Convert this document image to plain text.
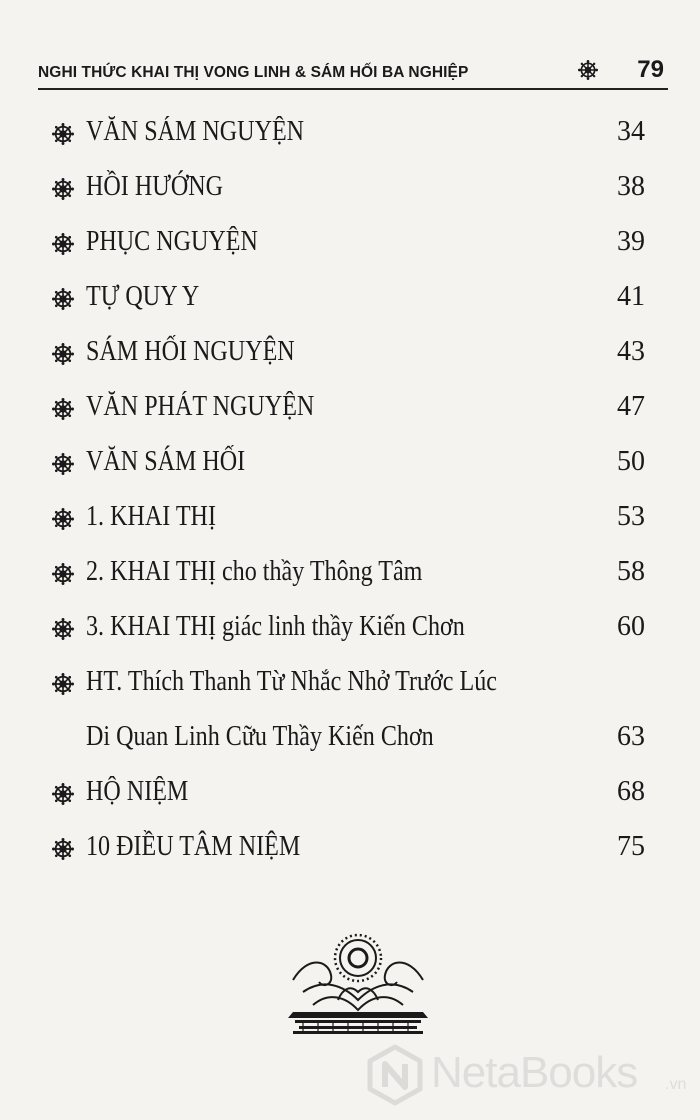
NGHI THỨC KHAI THỊ VONG LINH & SÁM HỐI BA NGHIỆP	79
VĂN SÁM NGUYỆN	34
HỒI HƯỚNG	38
PHỤC NGUYỆN	39
TỰ QUY Y	41
SÁM HỐI NGUYỆN	43
VĂN PHÁT NGUYỆN	47
VĂN SÁM HỐI	50
1. KHAI THỊ	53
2. KHAI THỊ cho thầy Thông Tâm	58
3. KHAI THỊ giác linh thầy Kiến Chơn	60
HT. Thích Thanh Từ Nhắc Nhở Trước Lúc
Di Quan Linh Cữu Thầy Kiến Chơn	63
HỘ NIỆM	68
10 ĐIỀU TÂM NIỆM	75
NetaBooks .vn
